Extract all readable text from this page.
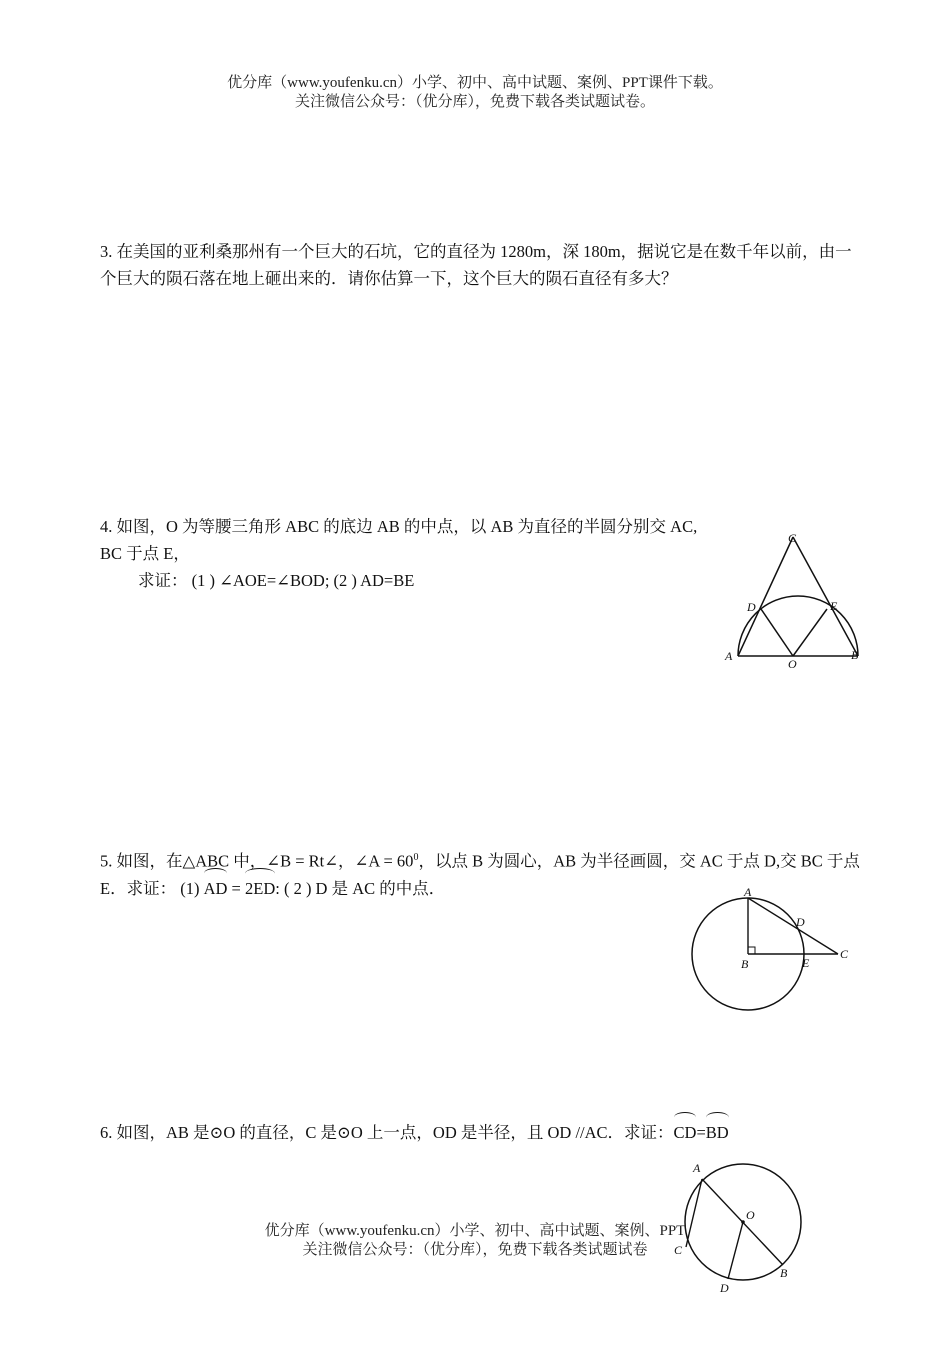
优分库（www.youfenku.cn）小学、初中、高中试题、案例、PPT课件下载。
关注微信公众号：（优分库），免费下载各类试题试卷。
3. 在美国的亚利桑那州有一个巨大的石坑，它的直径为 1280m，深 180m，据说它是在数千年以前，由一个巨大的陨石落在地上砸出来的．请你估算一下，这个巨大的陨石直径有多大？
4. 如图，O 为等腰三角形 ABC 的底边 AB 的中点，以 AB 为直径的半圆分别交 AC, BC 于点 E，
求证： (1 ) ∠AOE=∠BOD; (2 ) AD=BE
C
D	E
A
O
B
5. 如图，在△ABC 中，∠B = Rt∠，∠A = $60^0$，以点 B 为圆心，AB 为半径画圆，交 AC 于点 D,交 BC 于点 E．求证： (1) AD = 2ED: ( 2 ) D 是 AC 的中点．	A
D
B	E
C
6. 如图，AB 是⊙O 的直径，C 是⊙O 上一点，OD 是半径，且 OD //AC．求证：CD=BD
A
O
C
B
D
优分库（www.youfenku.cn）小学、初中、高中试题、案例、PPT
关注微信公众号：（优分库），免费下载各类试题试卷
